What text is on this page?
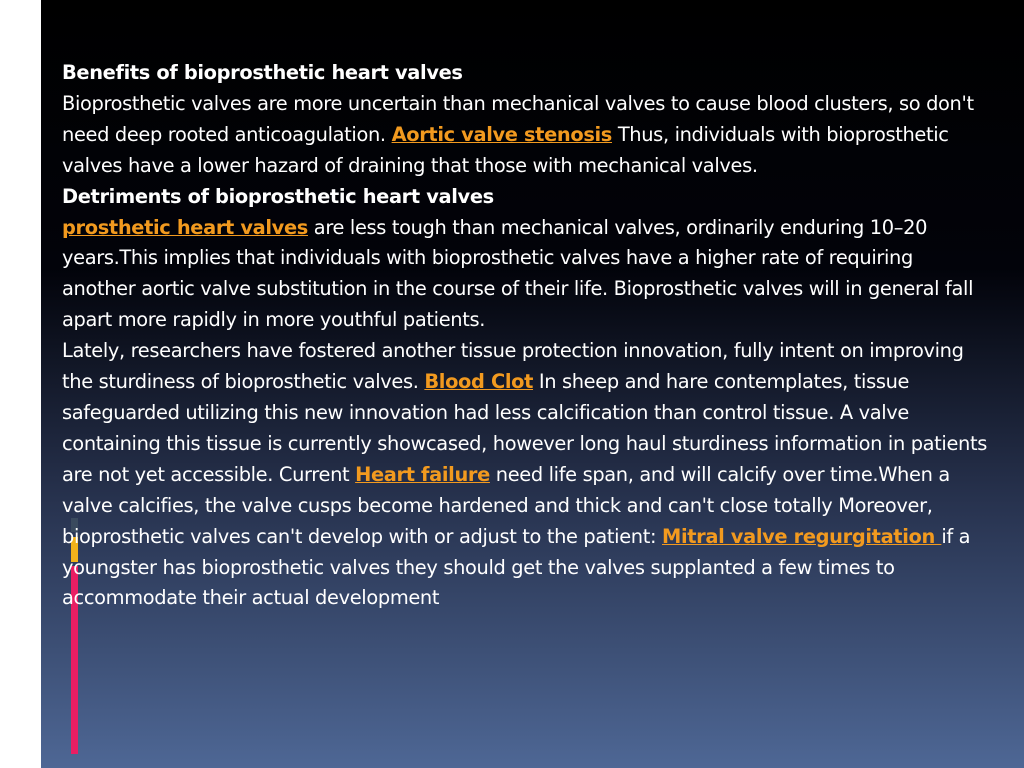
Benefits of bioprosthetic heart valves

Bioprosthetic valves are more uncertain than mechanical valves to cause blood clusters, so don't need deep rooted anticoagulation. Aortic valve stenosis Thus, individuals with bioprosthetic valves have a lower hazard of draining that those with mechanical valves.

Detriments of bioprosthetic heart valves

prosthetic heart valves are less tough than mechanical valves, ordinarily enduring 10–20 years.This implies that individuals with bioprosthetic valves have a higher rate of requiring another aortic valve substitution in the course of their life. Bioprosthetic valves will in general fall apart more rapidly in more youthful patients.

Lately, researchers have fostered another tissue protection innovation, fully intent on improving the sturdiness of bioprosthetic valves. Blood Clot In sheep and hare contemplates, tissue safeguarded utilizing this new innovation had less calcification than control tissue. A valve containing this tissue is currently showcased, however long haul sturdiness information in patients are not yet accessible. Current Heart failure need life span, and will calcify over time.When a valve calcifies, the valve cusps become hardened and thick and can't close totally Moreover, bioprosthetic valves can't develop with or adjust to the patient: Mitral valve regurgitation if a youngster has bioprosthetic valves they should get the valves supplanted a few times to accommodate their actual development
